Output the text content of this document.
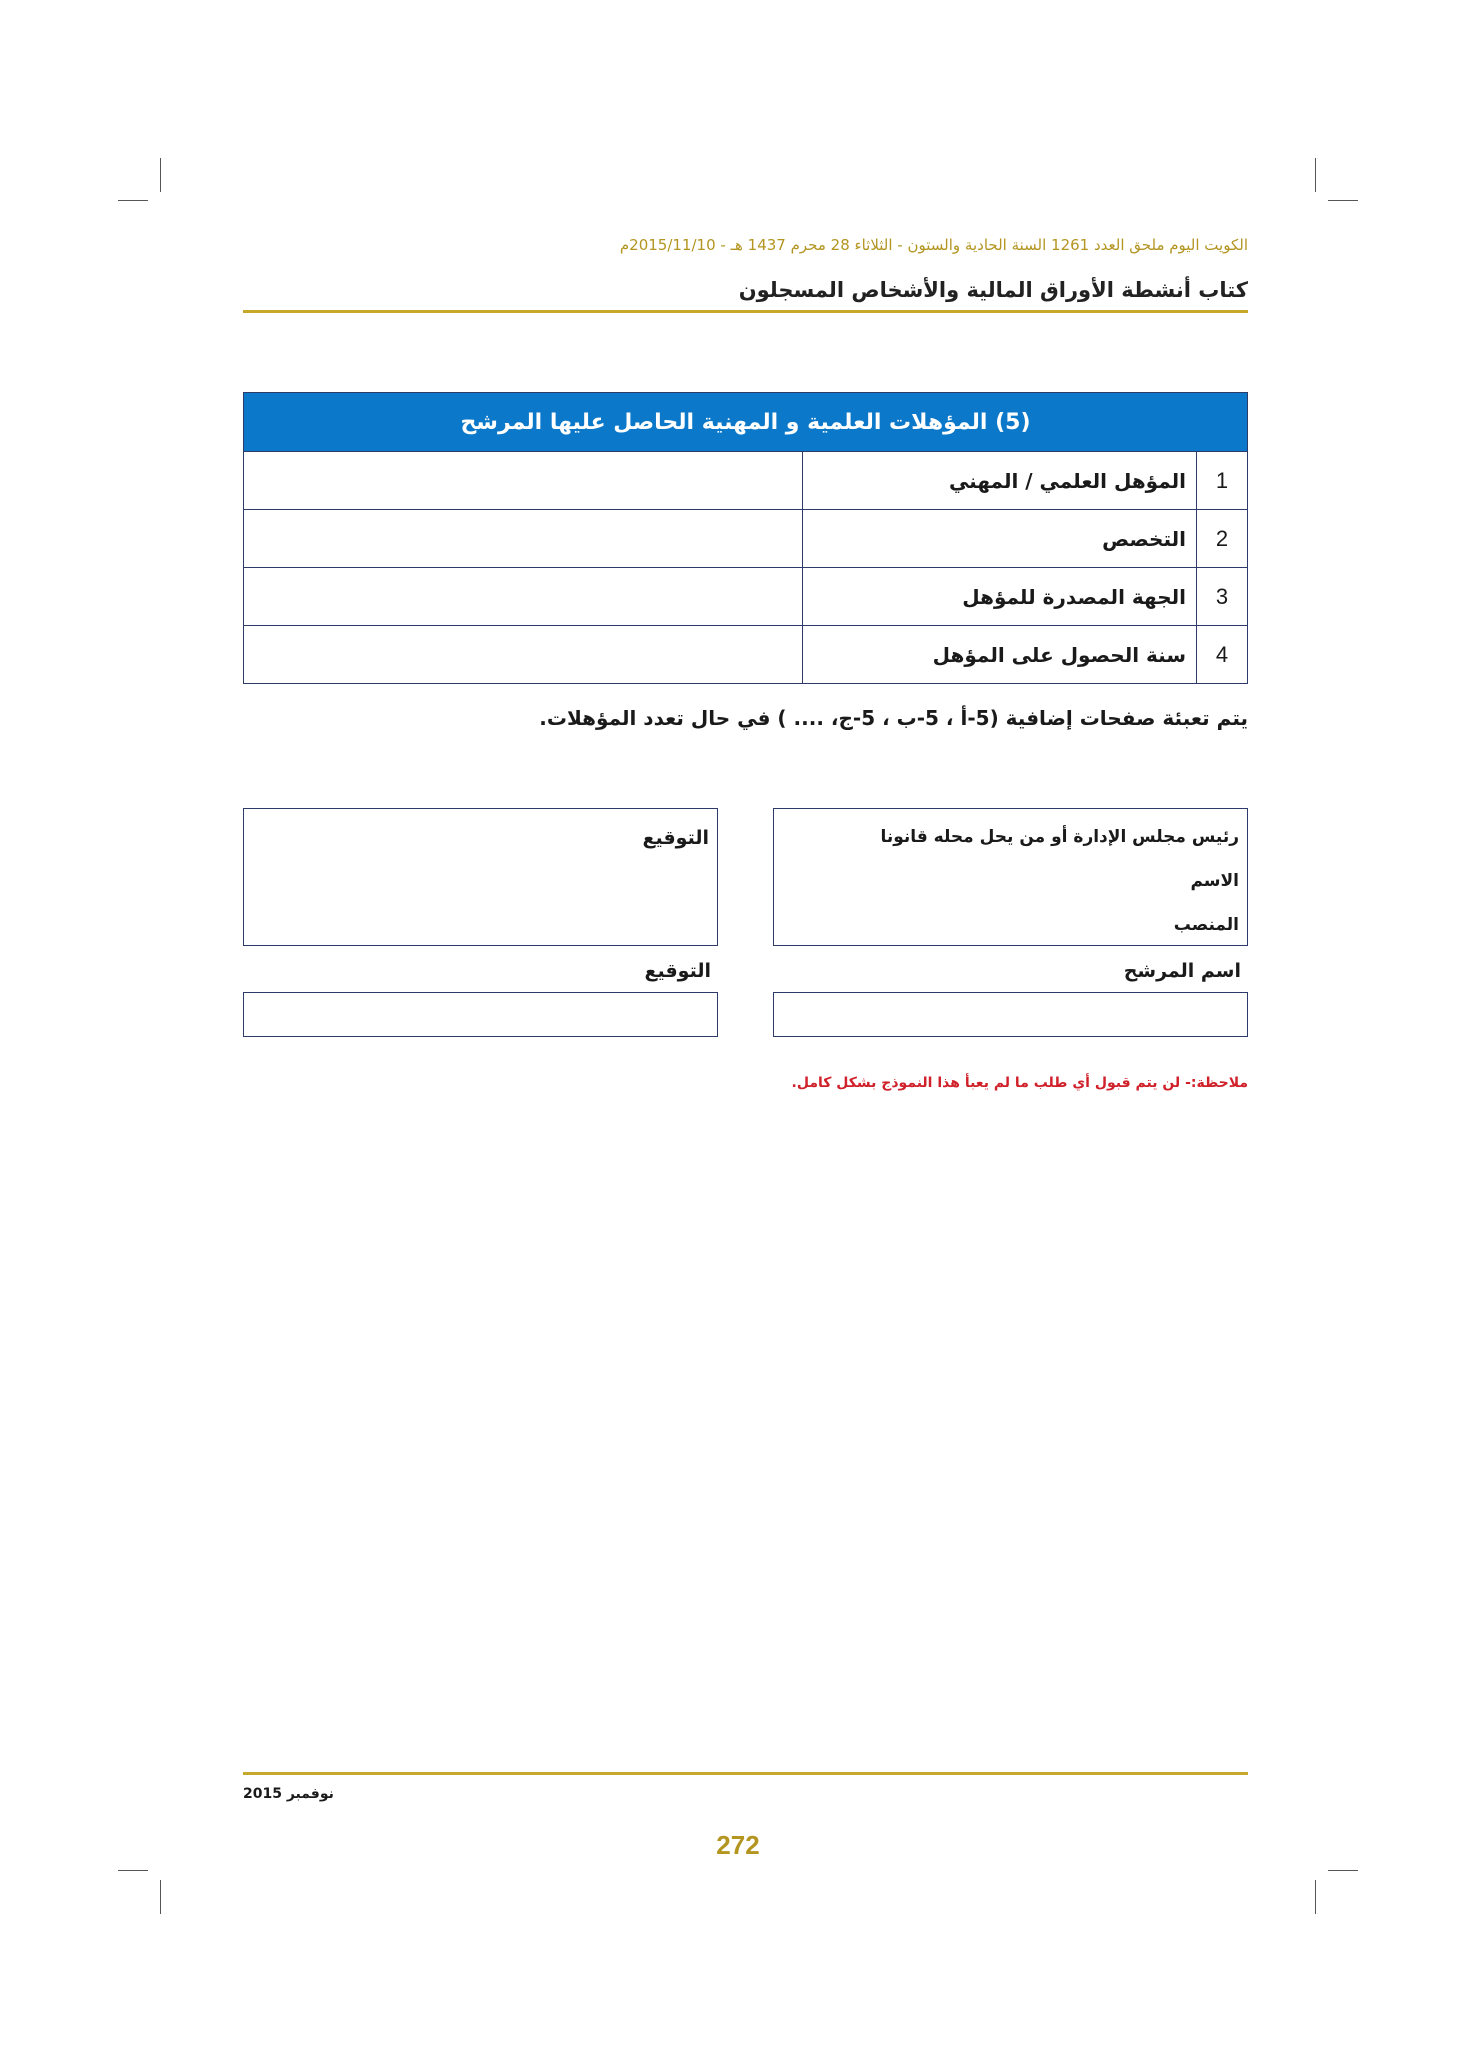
الكويت اليوم ملحق العدد 1261 السنة الحادية والستون - الثلاثاء 28 محرم 1437 هـ - 2015/11/10م
كتاب أنشطة الأوراق المالية والأشخاص المسجلون
(5) المؤهلات العلمية و المهنية الحاصل عليها المرشح		
1	المؤهل العلمي / المهني	
2	التخصص	
3	الجهة المصدرة للمؤهل	
4	سنة الحصول على المؤهل	
يتم تعبئة صفحات إضافية (5-أ ، 5-ب ، 5-ج، .... ) في حال تعدد المؤهلات.
رئيس مجلس الإدارة أو من يحل محله قانونا
الاسم
المنصب
التوقيع
اسم المرشح
التوقيع
ملاحظة:- لن يتم قبول أي طلب ما لم يعبأ هذا النموذج بشكل كامل.
نوفمبر 2015
272
